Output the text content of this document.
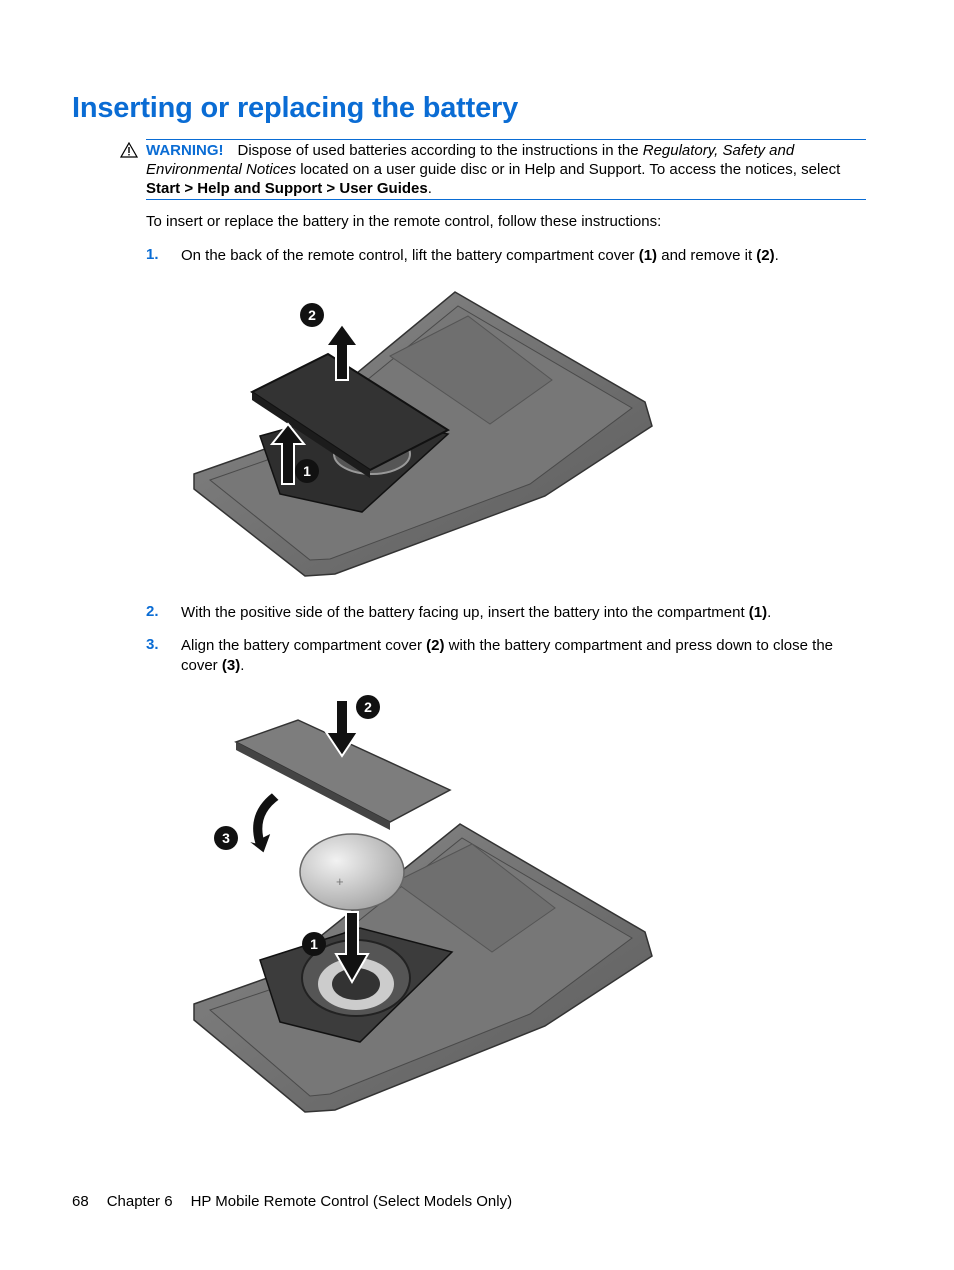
Inserting or replacing the battery
WARNING! Dispose of used batteries according to the instructions in the Regulatory, Safety and Environmental Notices located on a user guide disc or in Help and Support. To access the notices, select Start > Help and Support > User Guides.

To insert or replace the battery in the remote control, follow these instructions:

1. On the back of the remote control, lift the battery compartment cover (1) and remove it (2).

2
1
2. With the positive side of the battery facing up, insert the battery into the compartment (1).

3. Align the battery compartment cover (2) with the battery compartment and press down to close the cover (3).

+
2
3
1
68 Chapter 6 HP Mobile Remote Control (Select Models Only)
